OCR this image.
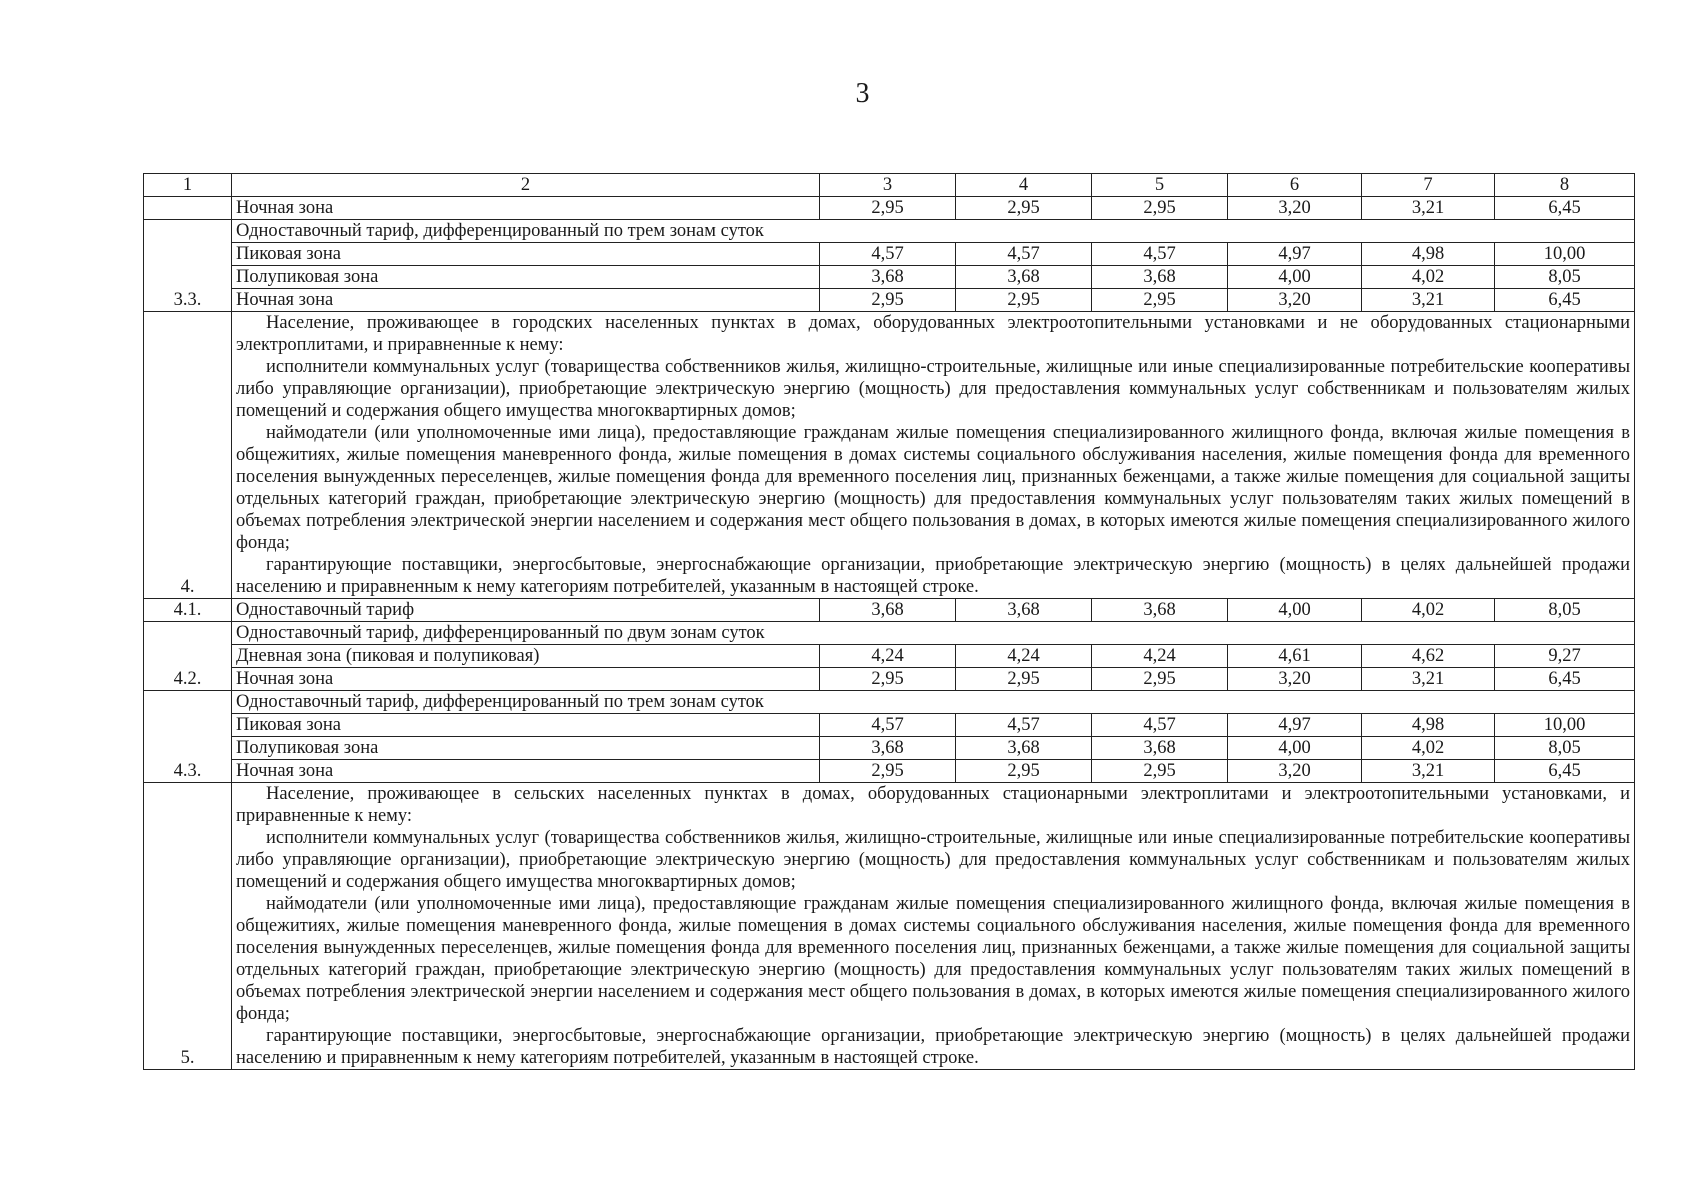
3
1	2	3	4	5	6	7	8
	Ночная зона	2,95	2,95	2,95	3,20	3,21	6,45
3.3.	Одноставочный тариф, дифференцированный по трем зонам суток						
	Пиковая зона	4,57	4,57	4,57	4,97	4,98	10,00
	Полупиковая зона	3,68	3,68	3,68	4,00	4,02	8,05
	Ночная зона	2,95	2,95	2,95	3,20	3,21	6,45
4.	Население, проживающее в городских населенных пунктах в домах, оборудованных электроотопительными установками и не оборудованных стационарными электроплитами, и приравненные к нему:

исполнители коммунальных услуг (товарищества собственников жилья, жилищно-строительные, жилищные или иные специализированные потребительские кооперативы либо управляющие организации), приобретающие электрическую энергию (мощность) для предоставления коммунальных услуг собственникам и пользователям жилых помещений и содержания общего имущества многоквартирных домов;

наймодатели (или уполномоченные ими лица), предоставляющие гражданам жилые помещения специализированного жилищного фонда, включая жилые помещения в общежитиях, жилые помещения маневренного фонда, жилые помещения в домах системы социального обслуживания населения, жилые помещения фонда для временного поселения вынужденных переселенцев, жилые помещения фонда для временного поселения лиц, признанных беженцами, а также жилые помещения для социальной защиты отдельных категорий граждан, приобретающие электрическую энергию (мощность) для предоставления коммунальных услуг пользователям таких жилых помещений в объемах потребления электрической энергии населением и содержания мест общего пользования в домах, в которых имеются жилые помещения специализированного жилого фонда;

гарантирующие поставщики, энергосбытовые, энергоснабжающие организации, приобретающие электрическую энергию (мощность) в целях дальнейшей продажи населению и приравненным к нему категориям потребителей, указанным в настоящей строке.						

4.1.	Одноставочный тариф	3,68	3,68	3,68	4,00	4,02	8,05
4.2.	Одноставочный тариф, дифференцированный по двум зонам суток						
	Дневная зона (пиковая и полупиковая)	4,24	4,24	4,24	4,61	4,62	9,27
	Ночная зона	2,95	2,95	2,95	3,20	3,21	6,45
4.3.	Одноставочный тариф, дифференцированный по трем зонам суток						
	Пиковая зона	4,57	4,57	4,57	4,97	4,98	10,00
	Полупиковая зона	3,68	3,68	3,68	4,00	4,02	8,05
	Ночная зона	2,95	2,95	2,95	3,20	3,21	6,45
5.	Население, проживающее в сельских населенных пунктах в домах, оборудованных стационарными электроплитами и электроотопительными установками, и приравненные к нему:

исполнители коммунальных услуг (товарищества собственников жилья, жилищно-строительные, жилищные или иные специализированные потребительские кооперативы либо управляющие организации), приобретающие электрическую энергию (мощность) для предоставления коммунальных услуг собственникам и пользователям жилых помещений и содержания общего имущества многоквартирных домов;

наймодатели (или уполномоченные ими лица), предоставляющие гражданам жилые помещения специализированного жилищного фонда, включая жилые помещения в общежитиях, жилые помещения маневренного фонда, жилые помещения в домах системы социального обслуживания населения, жилые помещения фонда для временного поселения вынужденных переселенцев, жилые помещения фонда для временного поселения лиц, признанных беженцами, а также жилые помещения для социальной защиты отдельных категорий граждан, приобретающие электрическую энергию (мощность) для предоставления коммунальных услуг пользователям таких жилых помещений в объемах потребления электрической энергии населением и содержания мест общего пользования в домах, в которых имеются жилые помещения специализированного жилого фонда;

гарантирующие поставщики, энергосбытовые, энергоснабжающие организации, приобретающие электрическую энергию (мощность) в целях дальнейшей продажи населению и приравненным к нему категориям потребителей, указанным в настоящей строке.						
